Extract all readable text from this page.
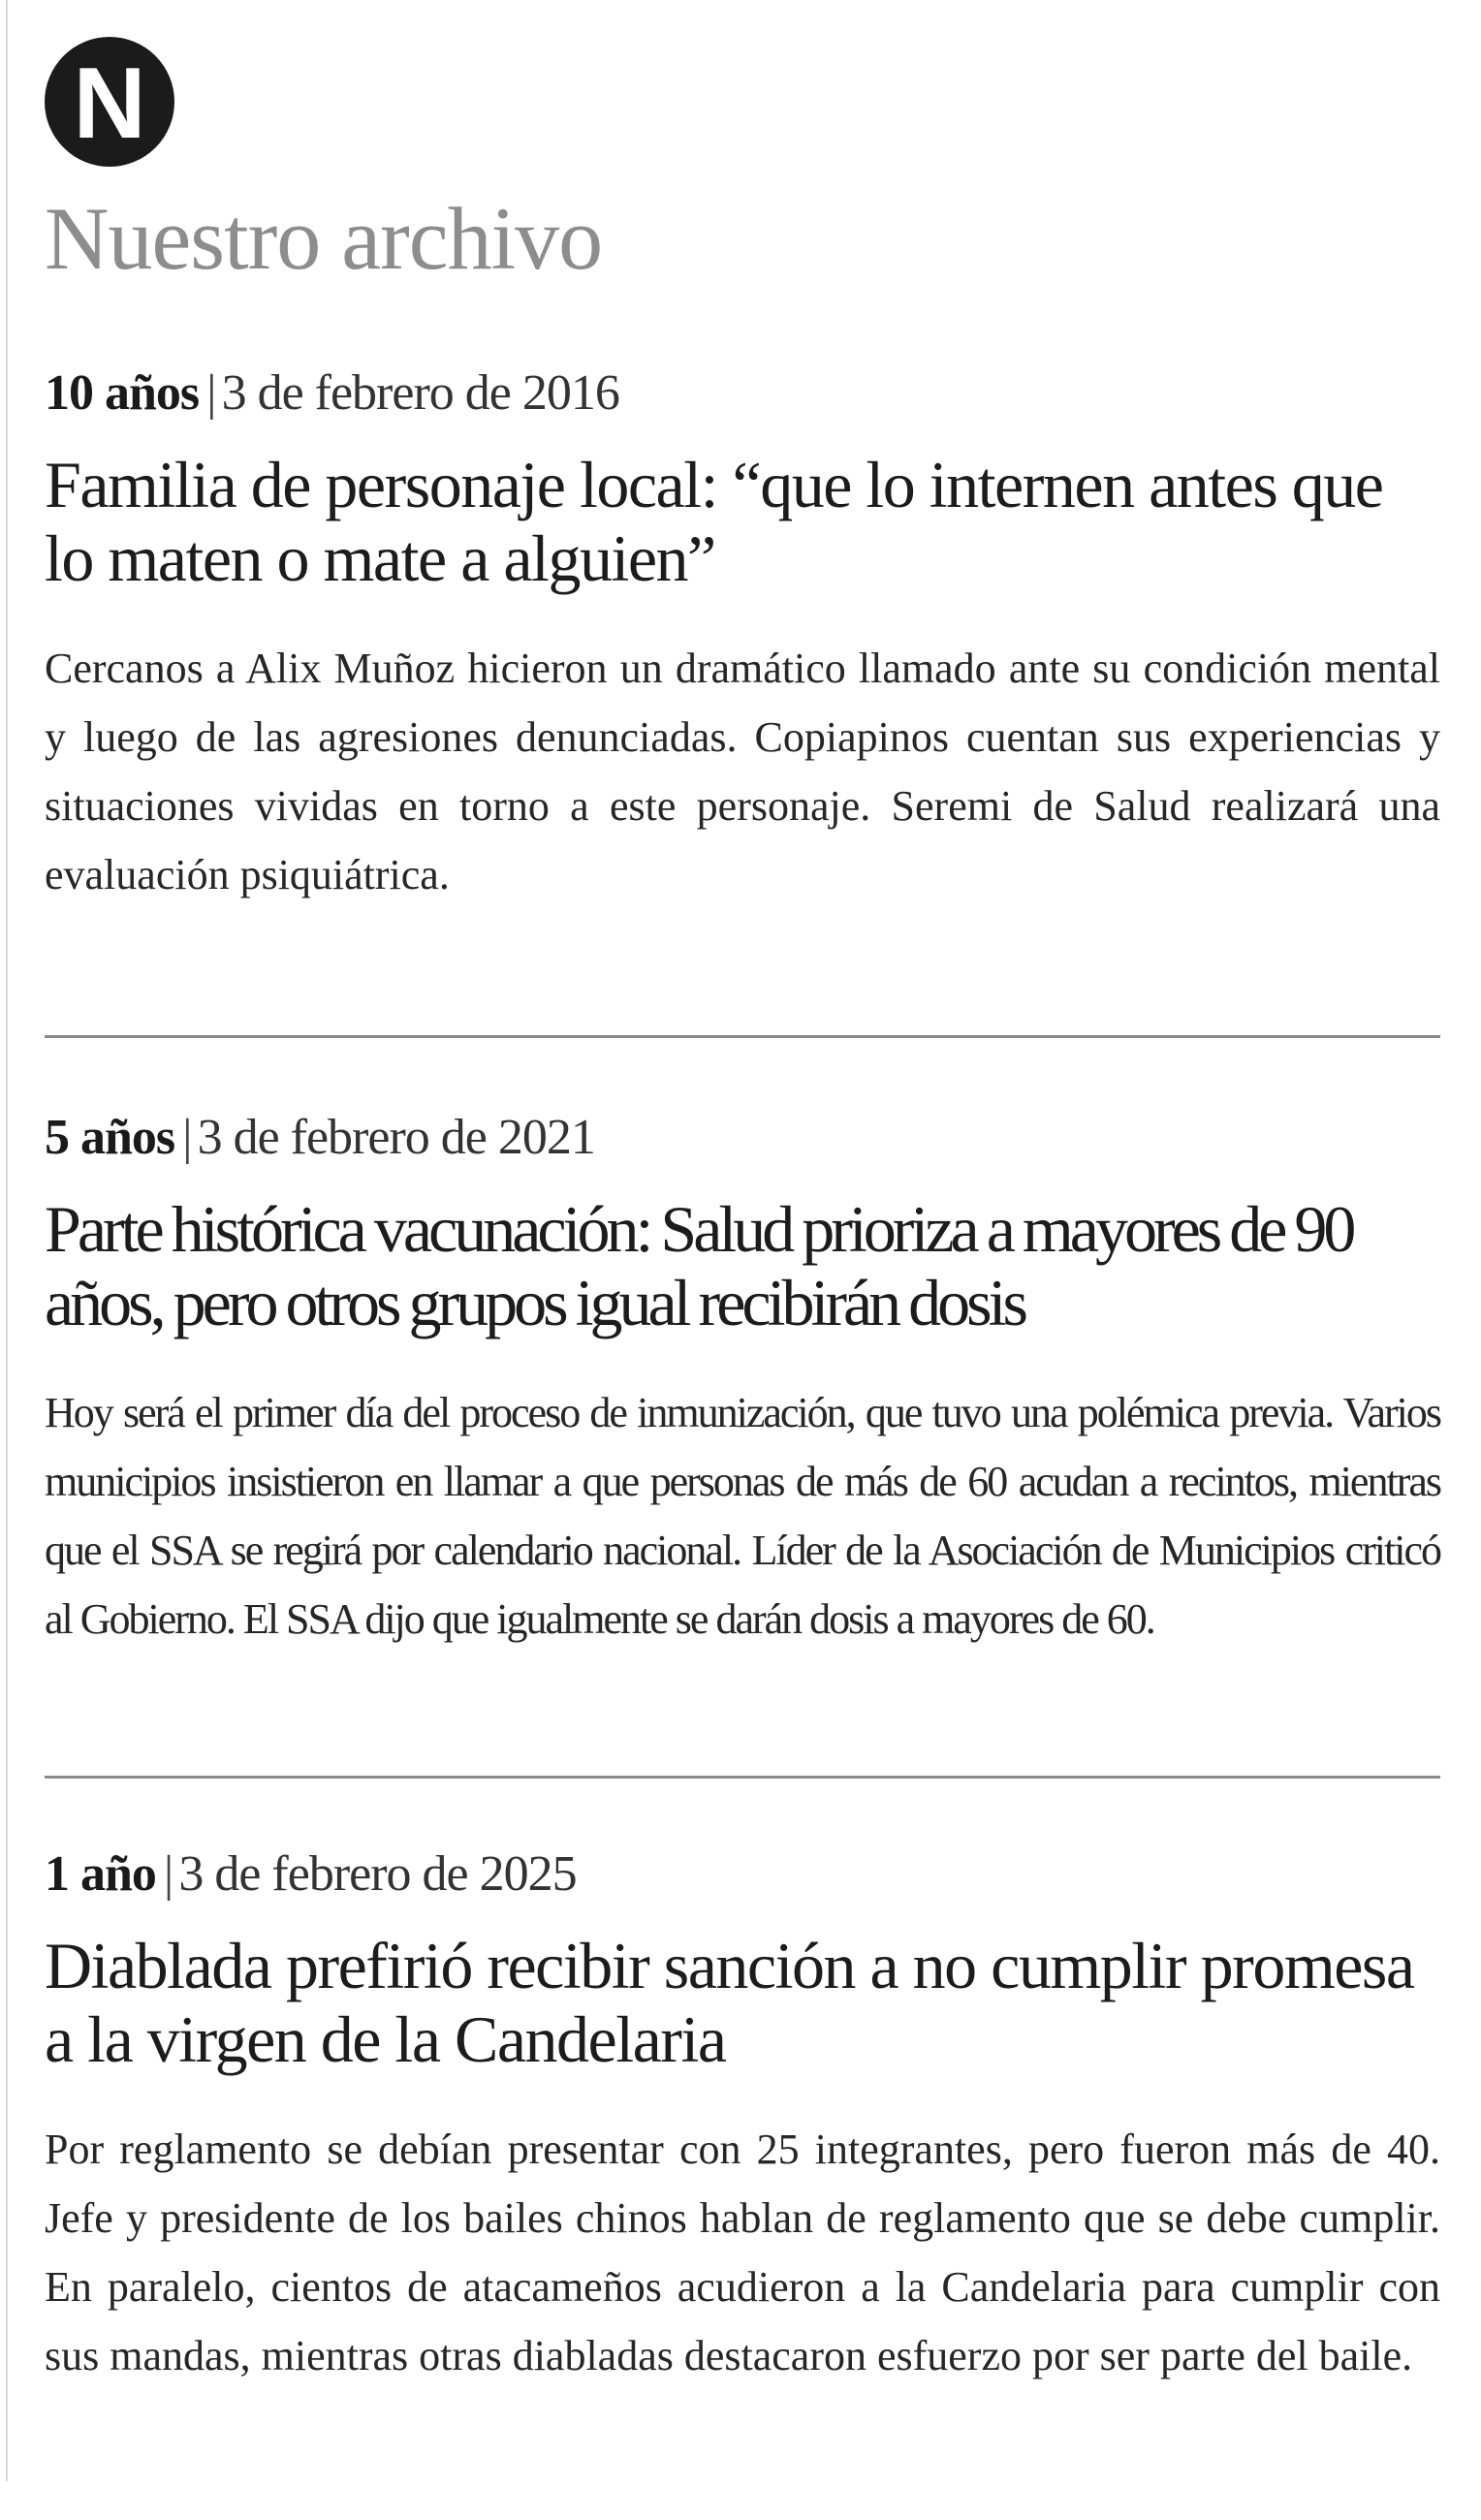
N
Nuestro archivo
10 años | 3 de febrero de 2016
Familia de personaje local: “que lo internen antes que lo maten o mate a alguien”
Cercanos a Alix Muñoz hicieron un dramático llamado ante su condición mental y luego de las agresiones denunciadas. Copiapinos cuentan sus experiencias y situaciones vividas en torno a este personaje. Seremi de Salud realizará una evaluación psiquiátrica.
5 años | 3 de febrero de 2021
Parte histórica vacunación: Salud prioriza a mayores de 90 años, pero otros grupos igual recibirán dosis
Hoy será el primer día del proceso de inmunización, que tuvo una polémica previa. Varios municipios insistieron en llamar a que personas de más de 60 acudan a recintos, mientras que el SSA se regirá por calendario nacional. Líder de la Asociación de Municipios criticó al Gobierno. El SSA dijo que igualmente se darán dosis a mayores de 60.
1 año | 3 de febrero de 2025
Diablada prefirió recibir sanción a no cumplir promesa a la virgen de la Candelaria
Por reglamento se debían presentar con 25 integrantes, pero fueron más de 40. Jefe y presidente de los bailes chinos hablan de reglamento que se debe cumplir. En paralelo, cientos de atacameños acudieron a la Candelaria para cumplir con sus mandas, mientras otras diabladas destacaron esfuerzo por ser parte del baile.
